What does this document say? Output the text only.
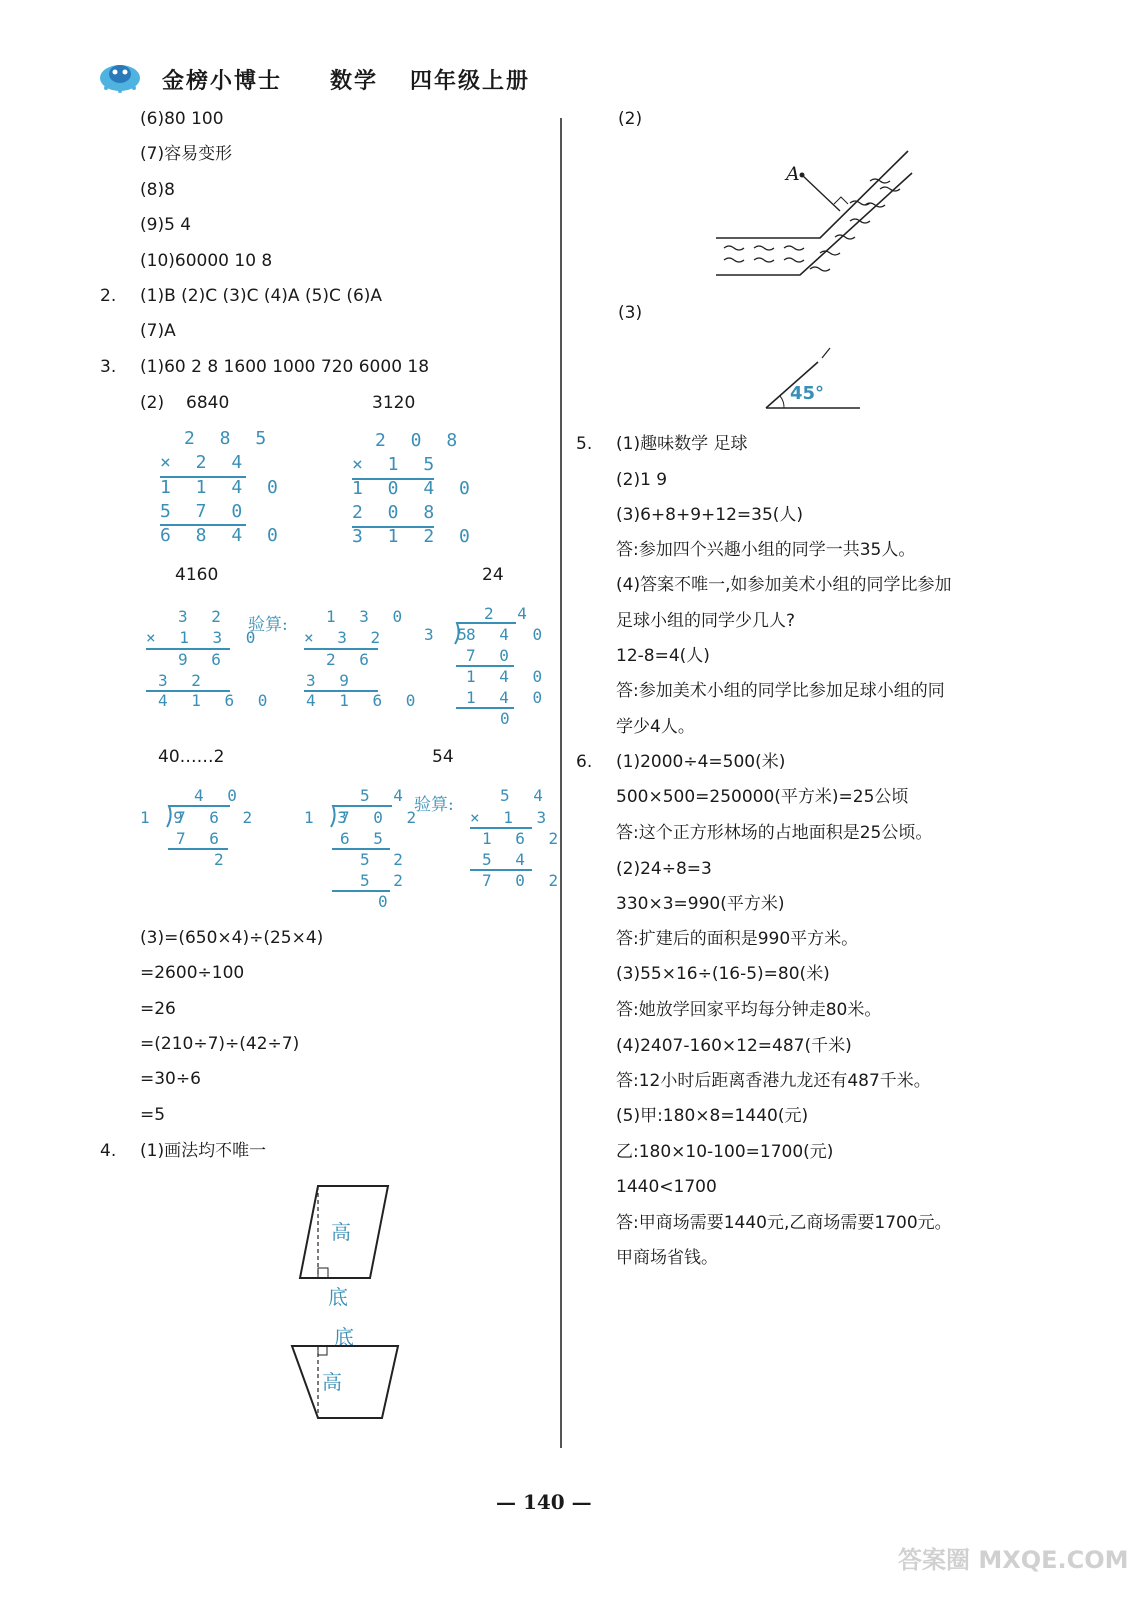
金榜小博士 数学 四年级上册
(6)80 100
(7)容易变形
(8)8
(9)5 4
(10)60000 10 8
2. (1)B (2)C (3)C (4)A (5)C (6)A
(7)A
3. (1)60 2 8 1600 1000 720 6000 18
(2) 6840	3120
2 8 5
× 2 4
1 1 4 0
5 7 0
6 8 4 0
2 0 8
× 1 5
1 0 4 0
2 0 8
3 1 2 0
4160	24
3 2
× 1 3 0
9 6
3 2
4 1 6 0
验算: 1 3 0
× 3 2
2 6
3 9
4 1 6 0
2 4
3 5
8 4 0
7 0
1 4 0
1 4 0
0
40……2	54
4 0
1 9
7 6 2
7 6
2
5 4
1 3
7 0 2
6 5
5 2
5 2
0
验算:	5 4
× 1 3
1 6 2
5 4
7 0 2
(3)=(650×4)÷(25×4)
=2600÷100
=26
=(210÷7)÷(42÷7)
=30÷6
=5
4. (1)画法均不唯一
高
底
底
高
(2)
A
(3)
45°
5. (1)趣味数学 足球
(2)1 9
(3)6+8+9+12=35(人)
答:参加四个兴趣小组的同学一共35人。
(4)答案不唯一,如参加美术小组的同学比参加
足球小组的同学少几人?
12-8=4(人)
答:参加美术小组的同学比参加足球小组的同
学少4人。
6. (1)2000÷4=500(米)
500×500=250000(平方米)=25公顷
答:这个正方形林场的占地面积是25公顷。
(2)24÷8=3
330×3=990(平方米)
答:扩建后的面积是990平方米。
(3)55×16÷(16-5)=80(米)
答:她放学回家平均每分钟走80米。
(4)2407-160×12=487(千米)
答:12小时后距离香港九龙还有487千米。
(5)甲:180×8=1440(元)
乙:180×10-100=1700(元)
1440<1700
答:甲商场需要1440元,乙商场需要1700元。
甲商场省钱。
— 140 —
答案圈 MXQE.COM
